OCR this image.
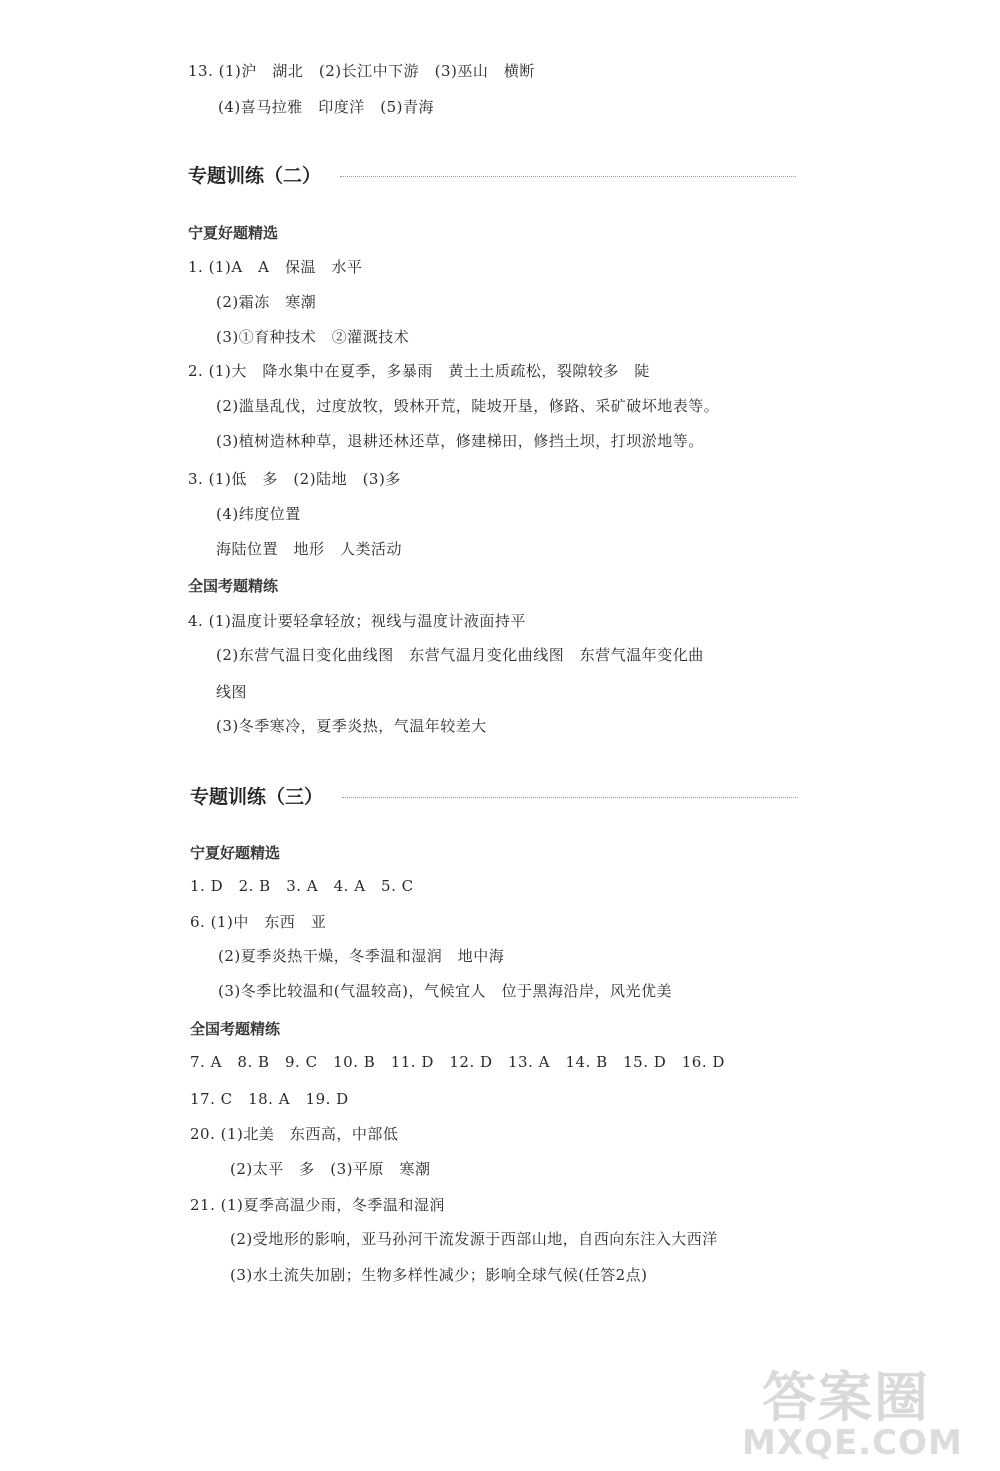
13. (1)沪　湖北　(2)长江中下游　(3)巫山　横断
(4)喜马拉雅　印度洋　(5)青海
专题训练（二）
宁夏好题精选
1. (1)A　A　保温　水平
(2)霜冻　寒潮
(3)①育种技术　②灌溉技术
2. (1)大　降水集中在夏季，多暴雨　黄土土质疏松，裂隙较多　陡
(2)滥垦乱伐，过度放牧，毁林开荒，陡坡开垦，修路、采矿破坏地表等。
(3)植树造林种草，退耕还林还草，修建梯田，修挡土坝，打坝淤地等。
3. (1)低　多　(2)陆地　(3)多
(4)纬度位置
海陆位置　地形　人类活动
全国考题精练
4. (1)温度计要轻拿轻放；视线与温度计液面持平
(2)东营气温日变化曲线图　东营气温月变化曲线图　东营气温年变化曲
线图
(3)冬季寒冷，夏季炎热，气温年较差大
专题训练（三）
宁夏好题精选
1. D　2. B　3. A　4. A　5. C
6. (1)中　东西　亚
(2)夏季炎热干燥，冬季温和湿润　地中海
(3)冬季比较温和(气温较高)，气候宜人　位于黑海沿岸，风光优美
全国考题精练
7. A　8. B　9. C　10. B　11. D　12. D　13. A　14. B　15. D　16. D
17. C　18. A　19. D
20. (1)北美　东西高，中部低
(2)太平　多　(3)平原　寒潮
21. (1)夏季高温少雨，冬季温和湿润
(2)受地形的影响，亚马孙河干流发源于西部山地，自西向东注入大西洋
(3)水土流失加剧；生物多样性减少；影响全球气候(任答2点)
答案圈
MXQE.COM
